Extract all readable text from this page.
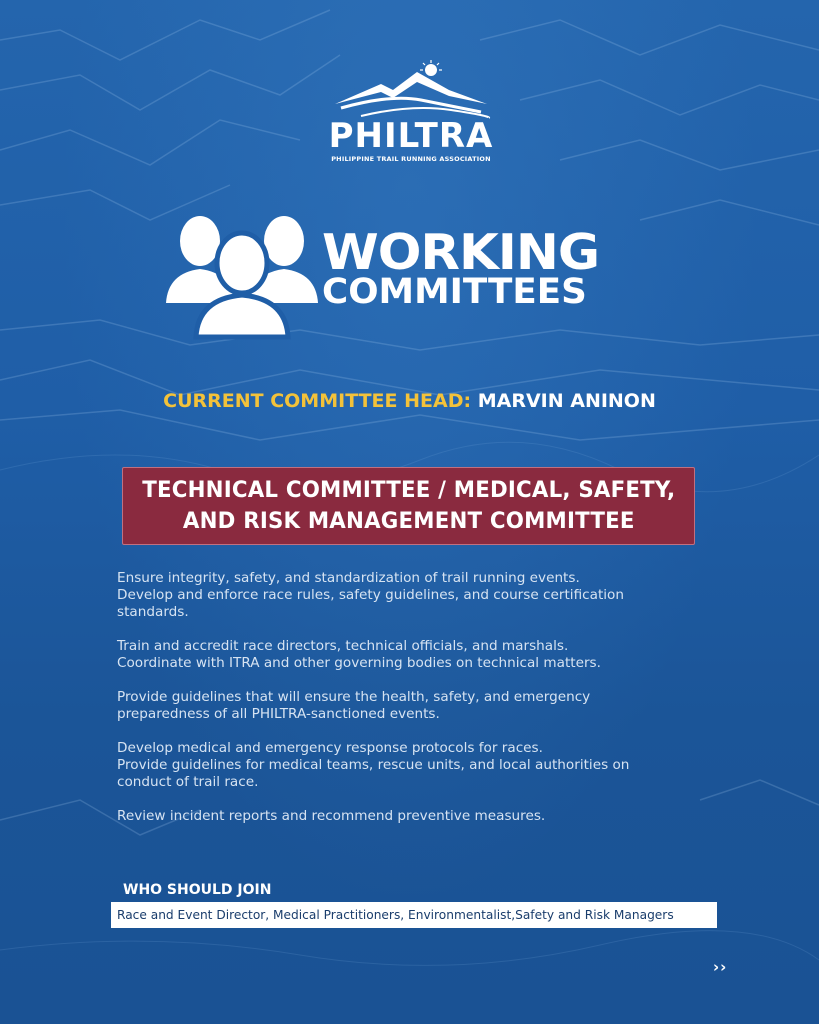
PHILTRA
PHILIPPINE TRAIL RUNNING ASSOCIATION
WORKING
COMMITTEES
CURRENT COMMITTEE HEAD: MARVIN ANINON
TECHNICAL COMMITTEE / MEDICAL, SAFETY,
AND RISK MANAGEMENT COMMITTEE
Ensure integrity, safety, and standardization of trail running events.
Develop and enforce race rules, safety guidelines, and course certification
standards.
Train and accredit race directors, technical officials, and marshals.
Coordinate with ITRA and other governing bodies on technical matters.
Provide guidelines that will ensure the health, safety, and emergency
preparedness of all PHILTRA-sanctioned events.
Develop medical and emergency response protocols for races.
Provide guidelines for medical teams, rescue units, and local authorities on
conduct of trail race.
Review incident reports and recommend preventive measures.
WHO SHOULD JOIN
Race and Event Director, Medical Practitioners, Environmentalist,Safety and Risk Managers
››
